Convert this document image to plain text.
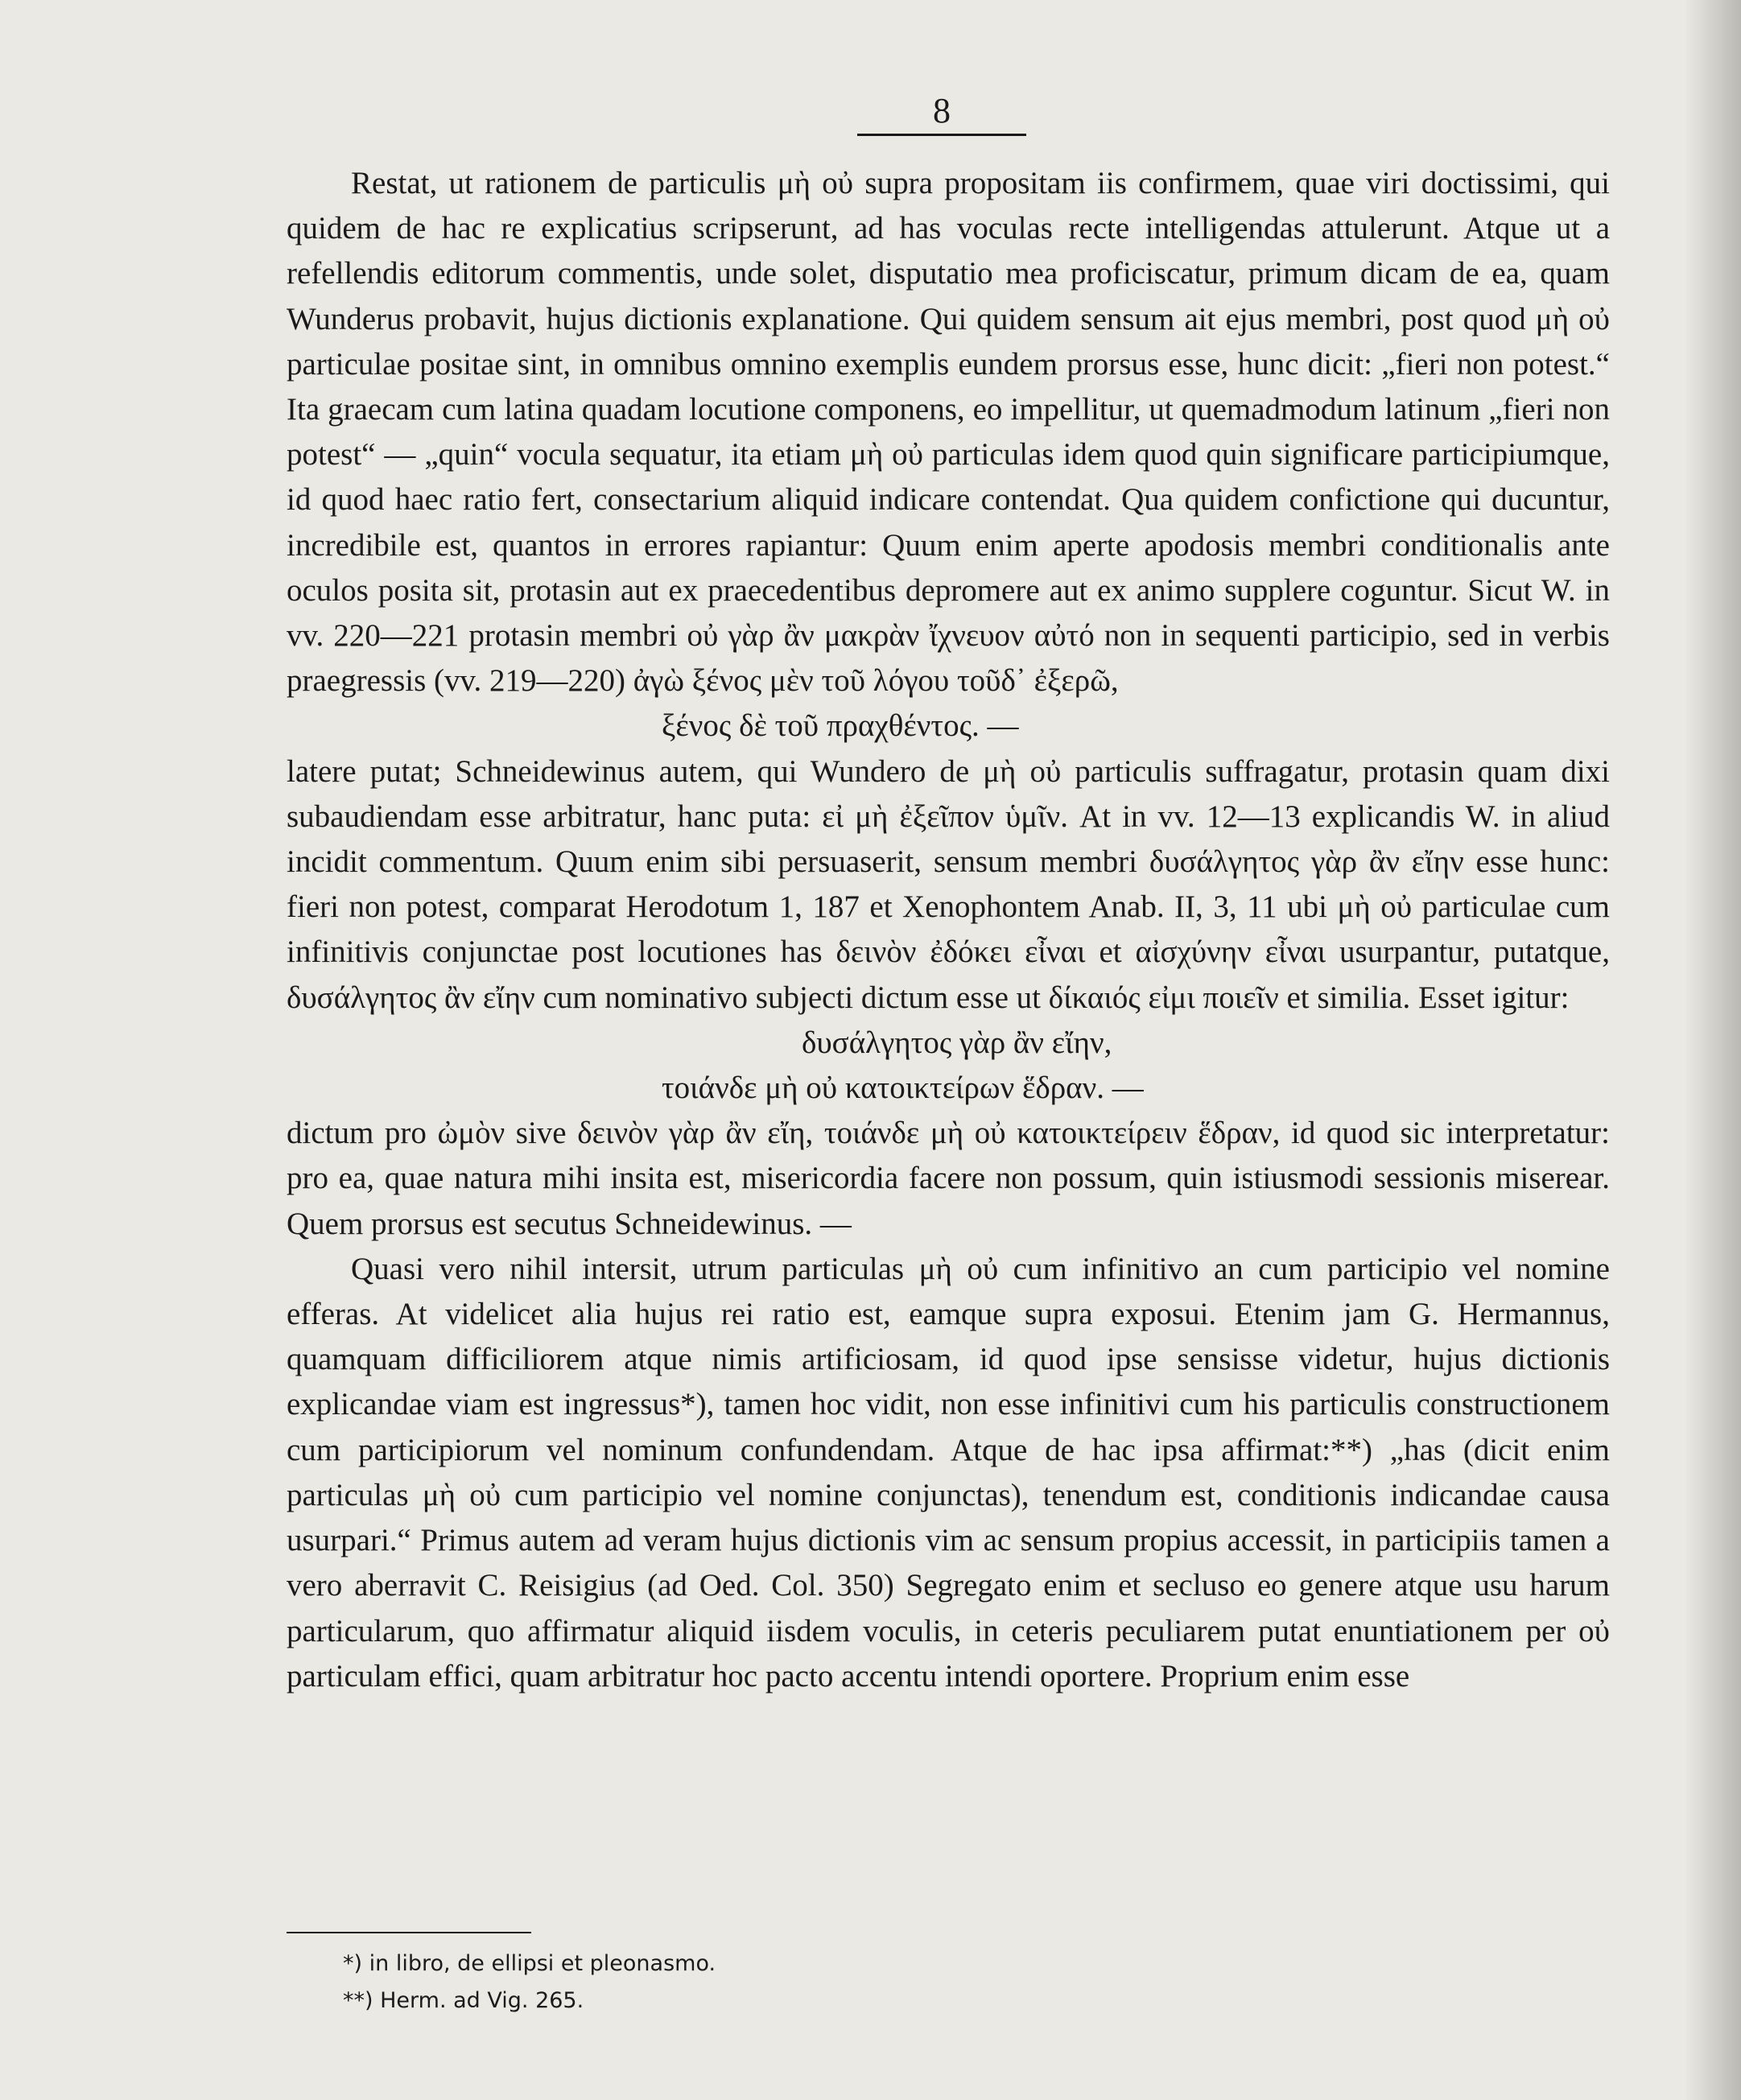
8

Restat, ut rationem de particulis μὴ οὐ supra propositam iis confirmem, quae viri doctissimi, qui quidem de hac re explicatius scripserunt, ad has voculas recte intelligendas attulerunt. Atque ut a refellendis editorum commentis, unde solet, disputatio mea proficiscatur, primum dicam de ea, quam Wunderus probavit, hujus dictionis explanatione. Qui quidem sensum ait ejus membri, post quod μὴ οὐ particulae positae sint, in omnibus omnino exemplis eundem prorsus esse, hunc dicit: „fieri non potest.“ Ita graecam cum latina quadam locutione componens, eo impellitur, ut quemadmodum latinum „fieri non potest“ — „quin“ vocula sequatur, ita etiam μὴ οὐ particulas idem quod quin significare participiumque, id quod haec ratio fert, consectarium aliquid indicare contendat. Qua quidem confictione qui ducuntur, incredibile est, quantos in errores rapiantur: Quum enim aperte apodosis membri conditionalis ante oculos posita sit, protasin aut ex praecedentibus depromere aut ex animo supplere coguntur. Sicut W. in vv. 220—221 protasin membri οὐ γὰρ ἂν μακρὰν ἴχνευον αὐτό non in sequenti participio, sed in verbis praegressis (vv. 219—220) ἀγὼ ξένος μὲν τοῦ λόγου τοῦδ᾽ ἐξερῶ,

ξένος δὲ τοῦ πραχθέντος. —

latere putat; Schneidewinus autem, qui Wundero de μὴ οὐ particulis suffragatur, protasin quam dixi subaudiendam esse arbitratur, hanc puta: εἰ μὴ ἐξεῖπον ὑμῖν. At in vv. 12—13 explicandis W. in aliud incidit commentum. Quum enim sibi persuaserit, sensum membri δυσάλγητος γὰρ ἂν εἴην esse hunc: fieri non potest, comparat Herodotum 1, 187 et Xenophontem Anab. II, 3, 11 ubi μὴ οὐ particulae cum infinitivis conjunctae post locutiones has δεινὸν ἐδόκει εἶναι et αἰσχύνην εἶναι usurpantur, putatque, δυσάλγητος ἂν εἴην cum nominativo subjecti dictum esse ut δίκαιός εἰμι ποιεῖν et similia. Esset igitur:

δυσάλγητος γὰρ ἂν εἴην,
τοιάνδε μὴ οὐ κατοικτείρων ἕδραν. —

dictum pro ὠμὸν sive δεινὸν γὰρ ἂν εἴη, τοιάνδε μὴ οὐ κατοικτείρειν ἕδραν, id quod sic interpretatur: pro ea, quae natura mihi insita est, misericordia facere non possum, quin istiusmodi sessionis miserear. Quem prorsus est secutus Schneidewinus. —

Quasi vero nihil intersit, utrum particulas μὴ οὐ cum infinitivo an cum participio vel nomine efferas. At videlicet alia hujus rei ratio est, eamque supra exposui. Etenim jam G. Hermannus, quamquam difficiliorem atque nimis artificiosam, id quod ipse sensisse videtur, hujus dictionis explicandae viam est ingressus*), tamen hoc vidit, non esse infinitivi cum his particulis constructionem cum participiorum vel nominum confundendam. Atque de hac ipsa affirmat:**) „has (dicit enim particulas μὴ οὐ cum participio vel nomine conjunctas), tenendum est, conditionis indicandae causa usurpari.“ Primus autem ad veram hujus dictionis vim ac sensum propius accessit, in participiis tamen a vero aberravit C. Reisigius (ad Oed. Col. 350) Segregato enim et secluso eo genere atque usu harum particularum, quo affirmatur aliquid iisdem voculis, in ceteris peculiarem putat enuntiationem per οὐ particulam effici, quam arbitratur hoc pacto accentu intendi oportere. Proprium enim esse

*) in libro, de ellipsi et pleonasmo.
**) Herm. ad Vig. 265.
